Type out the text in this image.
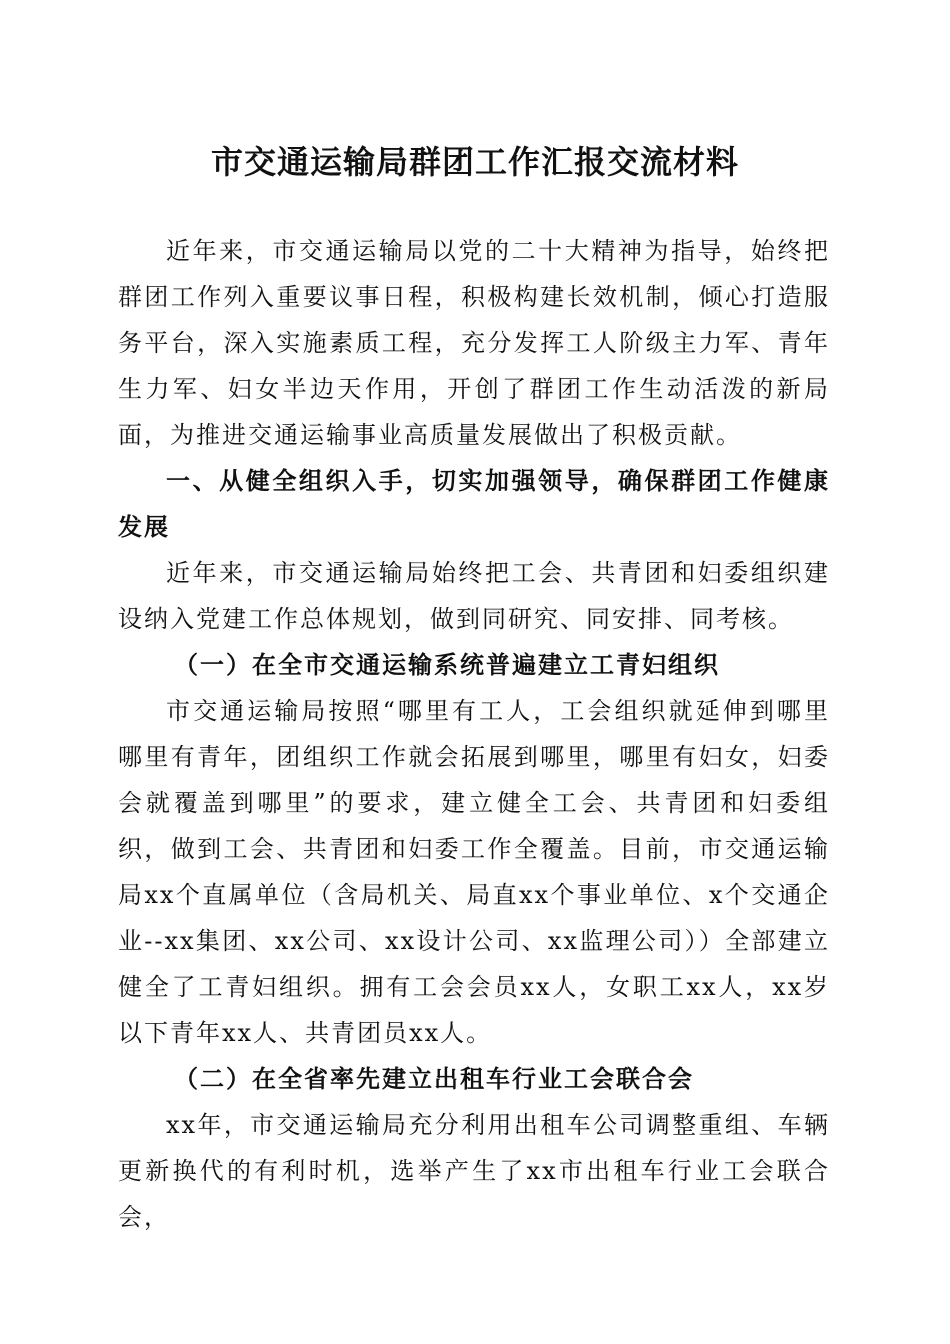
市交通运输局群团工作汇报交流材料

近年来，市交通运输局以党的二十大精神为指导，始终把群团工作列入重要议事日程，积极构建长效机制，倾心打造服务平台，深入实施素质工程，充分发挥工人阶级主力军、青年生力军、妇女半边天作用，开创了群团工作生动活泼的新局面，为推进交通运输事业高质量发展做出了积极贡献。

一、从健全组织入手，切实加强领导，确保群团工作健康发展

近年来，市交通运输局始终把工会、共青团和妇委组织建设纳入党建工作总体规划，做到同研究、同安排、同考核。

（一）在全市交通运输系统普遍建立工青妇组织

市交通运输局按照“哪里有工人，工会组织就延伸到哪里哪里有青年，团组织工作就会拓展到哪里，哪里有妇女，妇委会就覆盖到哪里”的要求，建立健全工会、共青团和妇委组织，做到工会、共青团和妇委工作全覆盖。目前，市交通运输局xx个直属单位（含局机关、局直xx个事业单位、x个交通企业--xx集团、xx公司、xx设计公司、xx监理公司））全部建立健全了工青妇组织。拥有工会会员xx人，女职工xx人，xx岁以下青年xx人、共青团员xx人。

（二）在全省率先建立出租车行业工会联合会

xx年，市交通运输局充分利用出租车公司调整重组、车辆更新换代的有利时机，选举产生了xx市出租车行业工会联合会，
